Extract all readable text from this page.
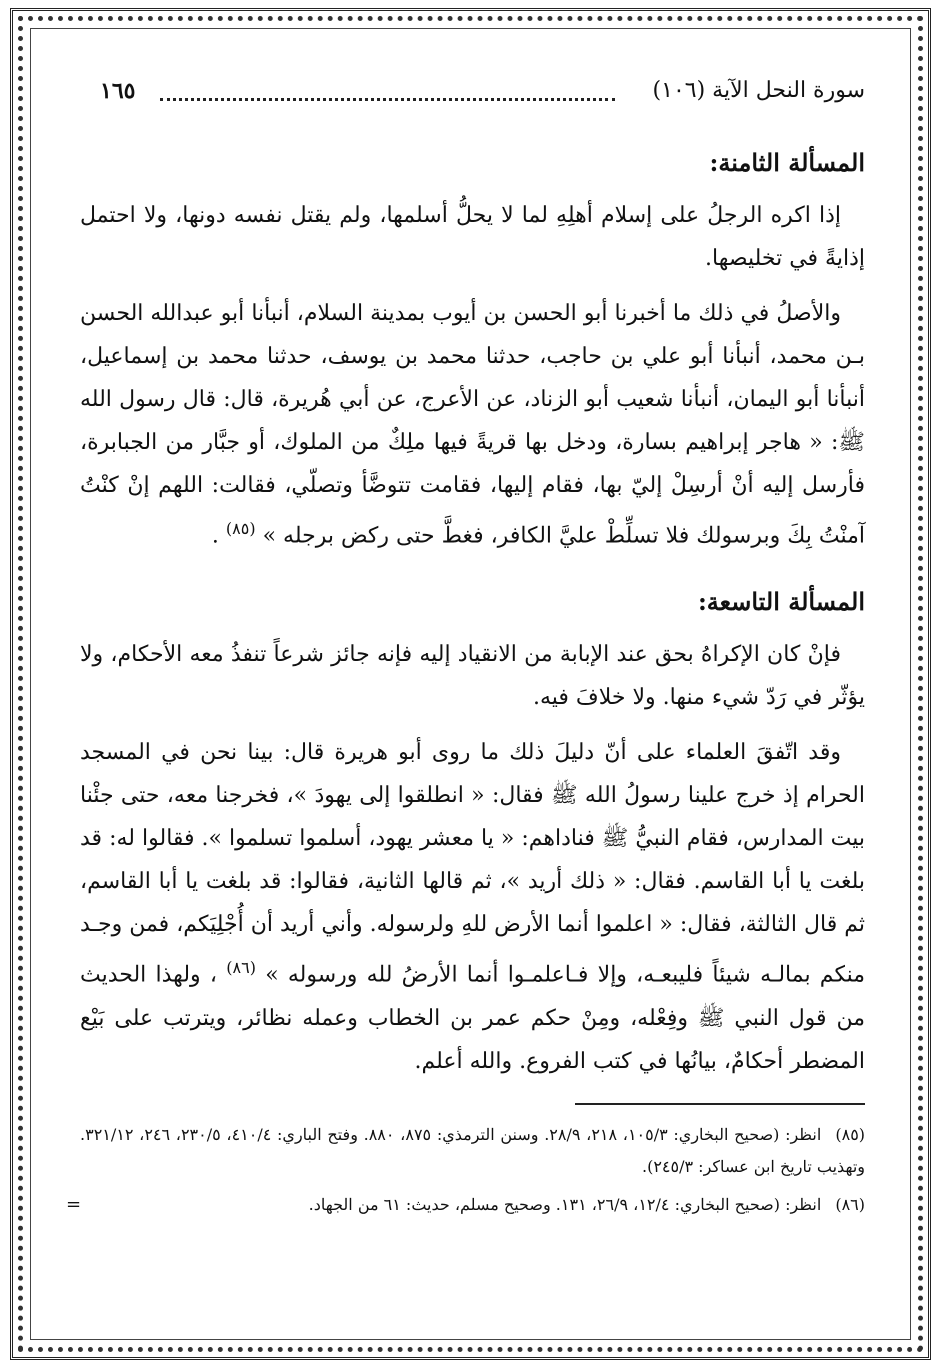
سورة النحل الآية (١٠٦)
١٦٥
المسألة الثامنة:

إذا اكره الرجلُ على إسلام أهلِهِ لما لا يحلُّ أسلمها، ولم يقتل نفسه دونها، ولا احتمل إذايةً في تخليصها.

والأصلُ في ذلك ما أخبرنا أبو الحسن بن أيوب بمدينة السلام، أنبأنا أبو عبدالله الحسن بـن محمد، أنبأنا أبو علي بن حاجب، حدثنا محمد بن يوسف، حدثنا محمد بن إسماعيل، أنبأنا أبو اليمان، أنبأنا شعيب أبو الزناد، عن الأعرج، عن أبي هُريرة، قال: قال رسول الله ﷺ: « هاجر إبراهيم بسارة، ودخل بها قريةً فيها ملِكٌ من الملوك، أو جبَّار من الجبابرة، فأرسل إليه أنْ أرسِلْ إليّ بها، فقام إليها، فقامت تتوضَّأ وتصلّي، فقالت: اللهم إنْ كنْتُ آمنْتُ بِكَ وبرسولك فلا تسلِّطْ عليَّ الكافر، فغطَّ حتى ركض برجله » $^{(٨٥)}$ .

المسألة التاسعة:

فإنْ كان الإكراهُ بحق عند الإبابة من الانقياد إليه فإنه جائز شرعاً تنفذُ معه الأحكام، ولا يؤثّر في رَدّ شيء منها. ولا خلافَ فيه.

وقد اتّفقَ العلماء على أنّ دليلَ ذلك ما روى أبو هريرة قال: بينا نحن في المسجد الحرام إذ خرج علينا رسولُ الله ﷺ فقال: « انطلقوا إلى يهودَ »، فخرجنا معه، حتى جئْنا بيت المدارس، فقام النبيُّ ﷺ فناداهم: « يا معشر يهود، أسلموا تسلموا ». فقالوا له: قد بلغت يا أبا القاسم. فقال: « ذلك أريد »، ثم قالها الثانية، فقالوا: قد بلغت يا أبا القاسم، ثم قال الثالثة، فقال: « اعلموا أنما الأرض للهِ ولرسوله. وأني أريد أن أُجْلِيَكم، فمن وجـد منكم بمالـه شيئاً فليبعـه، وإلا فـاعلمـوا أنما الأرضُ لله ورسوله » $^{(٨٦)}$ ، ولهذا الحديث من قول النبي ﷺ وفِعْله، ومِنْ حكم عمر بن الخطاب وعمله نظائر، ويترتب على بَيْع المضطر أحكامٌ، بيانُها في كتب الفروع. والله أعلم.

(٨٥)انظر: (صحيح البخاري: ١٠٥/٣، ٢١٨، ٢٨/٩. وسنن الترمذي: ٨٧٥، ٨٨٠. وفتح الباري: ٤١٠/٤، ٢٣٠/٥، ٢٤٦، ٣٢١/١٢. وتهذيب تاريخ ابن عساكر: ٢٤٥/٣).

(٨٦)انظر: (صحيح البخاري: ١٢/٤، ٢٦/٩، ١٣١. وصحيح مسلم، حديث: ٦١ من الجهاد.
=
